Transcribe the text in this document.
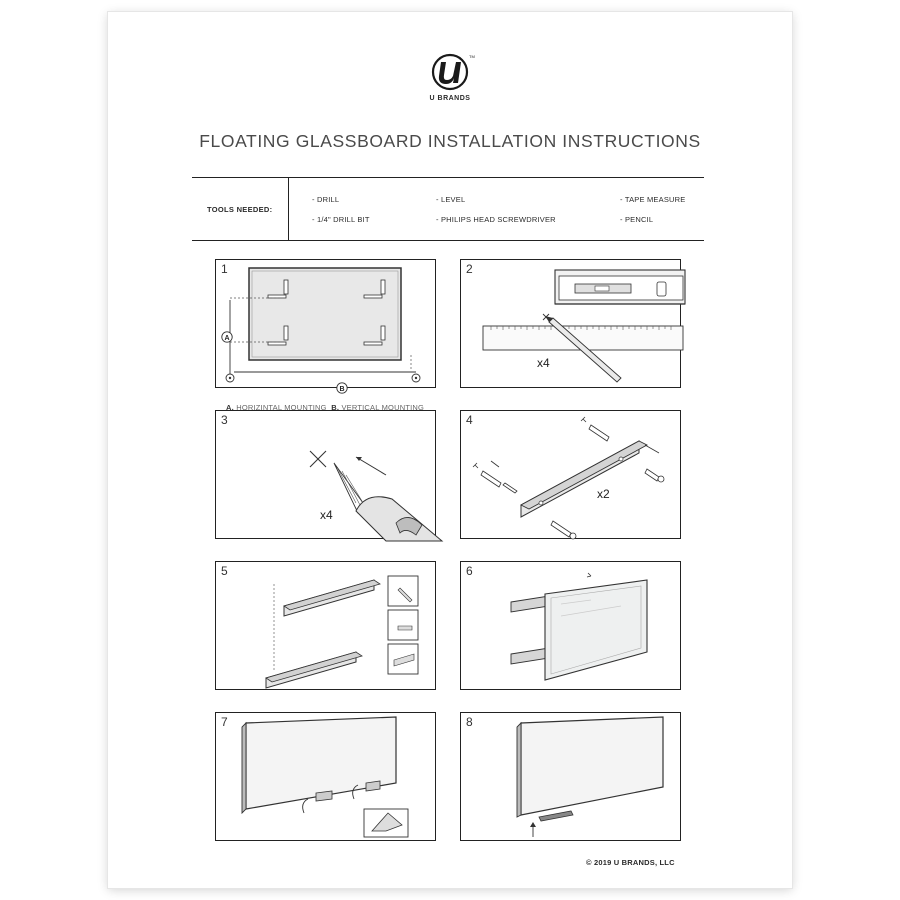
TM
U BRANDS
FLOATING GLASSBOARD INSTALLATION INSTRUCTIONS
TOOLS NEEDED:
- DRILL	- LEVEL	- TAPE MEASURE
- 1/4" DRILL BIT	- PHILIPS HEAD SCREWDRIVER	- PENCIL
A
B
1	2
x4
3
x4
4
x2
5	6
7	8
A. HORIZINTAL MOUNTING B. VERTICAL MOUNTING
© 2019 U BRANDS, LLC
